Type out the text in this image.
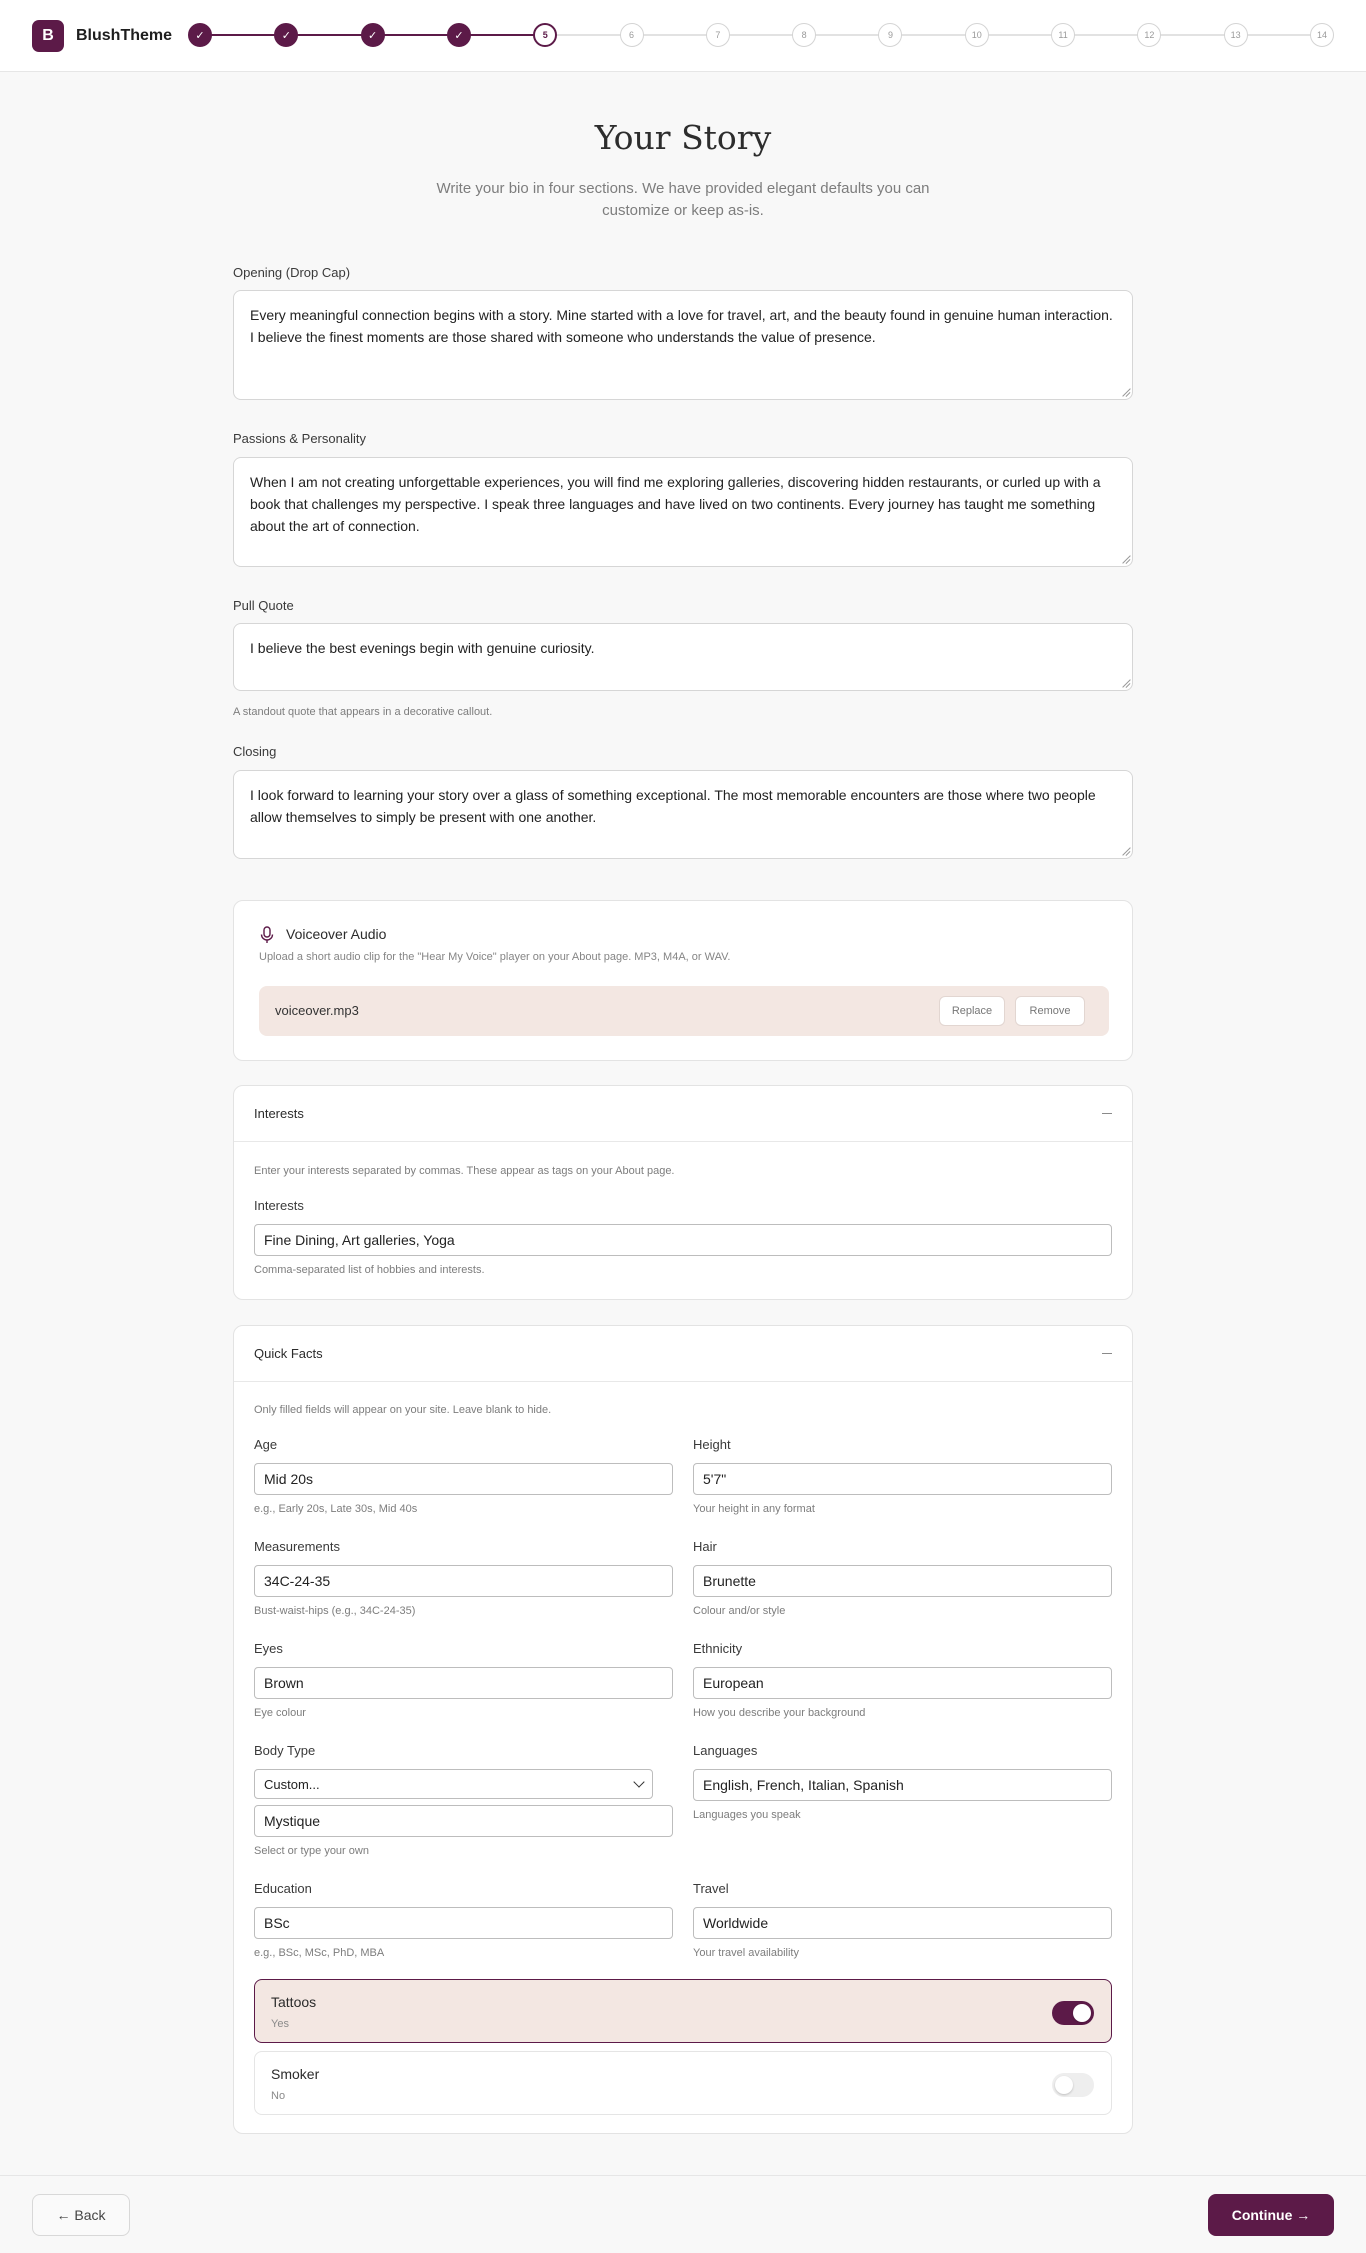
B	BlushTheme	✓	✓	✓	✓	5	6	7	8	9	10	11	12	13	14
Your Story

Write your bio in four sections. We have provided elegant defaults you can customize or keep as-is.

Opening (Drop Cap)
Every meaningful connection begins with a story. Mine started with a love for travel, art, and the beauty found in genuine human interaction. I believe the finest moments are those shared with someone who understands the value of presence.
Passions & Personality
When I am not creating unforgettable experiences, you will find me exploring galleries, discovering hidden restaurants, or curled up with a book that challenges my perspective. I speak three languages and have lived on two continents. Every journey has taught me something about the art of connection.
Pull Quote
I believe the best evenings begin with genuine curiosity.
A standout quote that appears in a decorative callout.
Closing
I look forward to learning your story over a glass of something exceptional. The most memorable encounters are those where two people allow themselves to simply be present with one another.
Voiceover Audio
Upload a short audio clip for the "Hear My Voice" player on your About page. MP3, M4A, or WAV.
voiceover.mp3	Replace	Remove
Interests
Enter your interests separated by commas. These appear as tags on your About page.
Interests
Fine Dining, Art galleries, Yoga
Comma-separated list of hobbies and interests.
Quick Facts
Only filled fields will appear on your site. Leave blank to hide.
Age
Mid 20s
e.g., Early 20s, Late 30s, Mid 40s
Height
5'7"
Your height in any format
Measurements
34C-24-35
Bust-waist-hips (e.g., 34C-24-35)
Hair
Brunette
Colour and/or style
Eyes
Brown
Eye colour
Ethnicity
European
How you describe your background
Body Type
Custom...
Mystique
Select or type your own
Languages
English, French, Italian, Spanish
Languages you speak
Education
BSc
e.g., BSc, MSc, PhD, MBA
Travel
Worldwide
Your travel availability
Tattoos
Yes
Smoker
No
← Back	Continue →
